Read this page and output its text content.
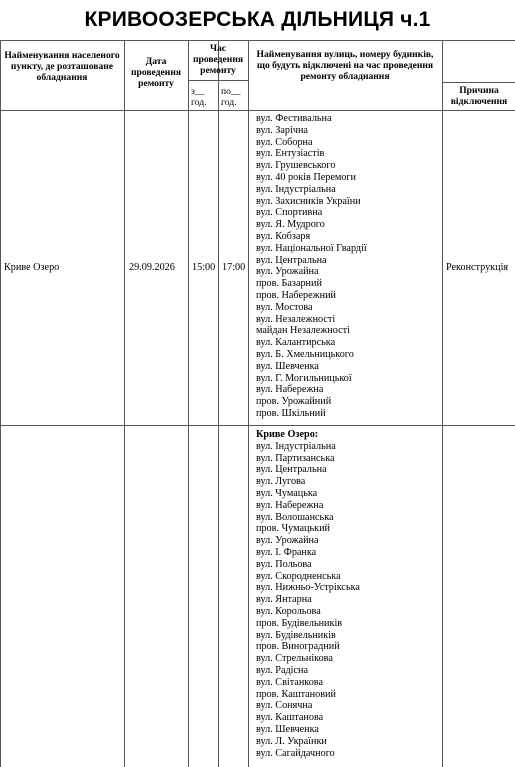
КРИВООЗЕРСЬКА ДІЛЬНИЦЯ ч.1
Найменування населеного пункту, де розташоване обладнання
Дата проведення ремонту
Час проведення ремонту
з__ год.
по__ год.
Найменування вулиць, номеру будинків, що будуть відключені на час проведення ремонту обладнання
Причина відключення
Криве Озеро	29.09.2026 15:00 17:00	Реконструкція
вул. Фестивальна
вул. Зарічна
вул. Соборна
вул. Ентузіастів
вул. Грушевського
вул. 40 років Перемоги
вул. Індустріальна
вул. Захисників України
вул. Спортивна
вул. Я. Мудрого
вул. Кобзаря
вул. Національної Гвардії
вул. Центральна
вул. Урожайна
пров. Базарний
пров. Набережний
вул. Мостова
вул. Незалежності
майдан Незалежності
вул. Калантирська
вул. Б. Хмельницького
вул. Шевченка
вул. Г. Могильницької
вул. Набережна
пров. Урожайний
пров. Шкільний
Криве Озеро:
вул. Індустріальна
вул. Партизанська
вул. Центральна
вул. Лугова
вул. Чумацька
вул. Набережна
вул. Волошанська
пров. Чумацький
вул. Урожайна
вул. І. Франка
вул. Польова
вул. Скородненська
вул. Нижньо-Устрікська
вул. Янтарна
вул. Корольова
пров. Будівельників
вул. Будівельників
пров. Виноградний
вул. Стрельнікова
вул. Радісна
вул. Світанкова
пров. Каштановий
вул. Сонячна
вул. Каштанова
вул. Шевченка
вул. Л. Українки
вул. Сагайдачного
